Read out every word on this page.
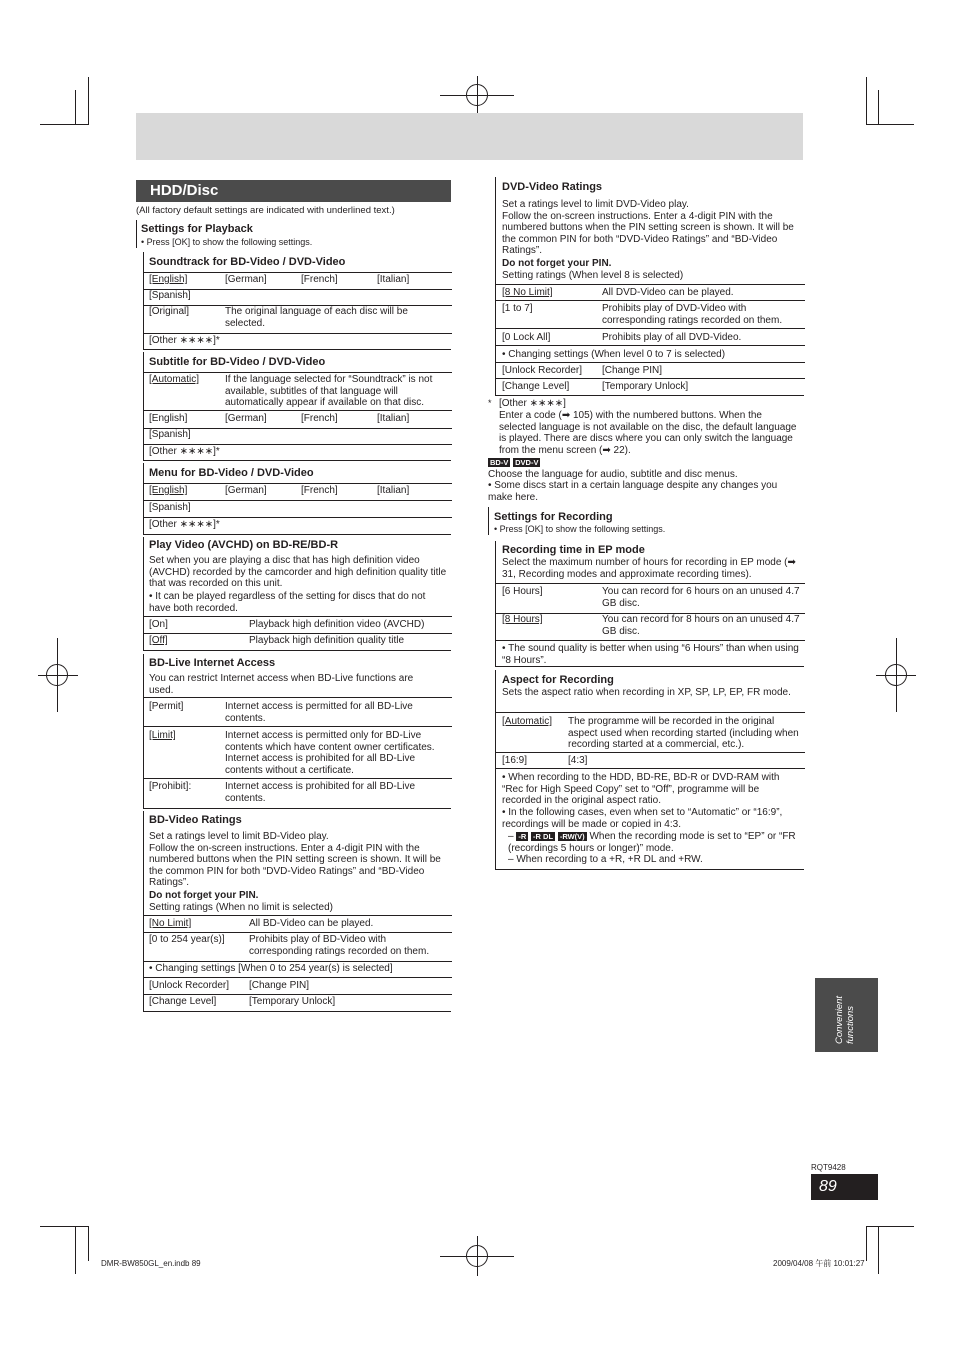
HDD/Disc
(All factory default settings are indicated with underlined text.)
Settings for Playback
• Press [OK] to show the following settings.
Soundtrack for BD-Video / DVD-Video
[English]	[German]	[French]	[Italian]
[Spanish]
[Original]	The original language of each disc will be selected.
[Other ∗∗∗∗]*
Subtitle for BD-Video / DVD-Video
[Automatic]	If the language selected for “Soundtrack” is not available, subtitles of that language will automatically appear if available on that disc.
[English]	[German]	[French]	[Italian]
[Spanish]
[Other ∗∗∗∗]*
Menu for BD-Video / DVD-Video
[English]	[German]	[French]	[Italian]
[Spanish]
[Other ∗∗∗∗]*
Play Video (AVCHD) on BD-RE/BD-R
Set when you are playing a disc that has high definition video (AVCHD) recorded by the camcorder and high definition quality title that was recorded on this unit.
• It can be played regardless of the setting for discs that do not have both recorded.
[On]	Playback high definition video (AVCHD)
[Off]	Playback high definition quality title
BD-Live Internet Access
You can restrict Internet access when BD-Live functions are used.
[Permit]	Internet access is permitted for all BD-Live contents.
[Limit]	Internet access is permitted only for BD-Live contents which have content owner certificates. Internet access is prohibited for all BD-Live contents without a certificate.
[Prohibit]:	Internet access is prohibited for all BD-Live contents.
BD-Video Ratings
Set a ratings level to limit BD-Video play.
Follow the on-screen instructions. Enter a 4-digit PIN with the numbered buttons when the PIN setting screen is shown. It will be the common PIN for both “DVD-Video Ratings” and “BD-Video Ratings”.
Do not forget your PIN.
Setting ratings (When no limit is selected)
[No Limit]	All BD-Video can be played.
[0 to 254 year(s)] Prohibits play of BD-Video with corresponding ratings recorded on them.
• Changing settings [When 0 to 254 year(s) is selected]
[Unlock Recorder] [Change PIN]
[Change Level]	[Temporary Unlock]
DVD-Video Ratings
Set a ratings level to limit DVD-Video play.
Follow the on-screen instructions. Enter a 4-digit PIN with the numbered buttons when the PIN setting screen is shown. It will be the common PIN for both “DVD-Video Ratings” and “BD-Video Ratings”.
Do not forget your PIN.
Setting ratings (When level 8 is selected)
[8 No Limit]	All DVD-Video can be played.
[1 to 7]	Prohibits play of DVD-Video with corresponding ratings recorded on them.
[0 Lock All]	Prohibits play of all DVD-Video.
• Changing settings (When level 0 to 7 is selected)
[Unlock Recorder] [Change PIN]
[Change Level]	[Temporary Unlock]
* [Other ∗∗∗∗]
Enter a code (➡ 105) with the numbered buttons. When the selected language is not available on the disc, the default language is played. There are discs where you can only switch the language from the menu screen (➡ 22).
BD-V DVD-V
Choose the language for audio, subtitle and disc menus.
• Some discs start in a certain language despite any changes you make here.
Settings for Recording
• Press [OK] to show the following settings.
Recording time in EP mode
Select the maximum number of hours for recording in EP mode (➡ 31, Recording modes and approximate recording times).
[6 Hours]	You can record for 6 hours on an unused 4.7 GB disc.
[8 Hours]	You can record for 8 hours on an unused 4.7 GB disc.
• The sound quality is better when using “6 Hours” than when using “8 Hours”.
Aspect for Recording
Sets the aspect ratio when recording in XP, SP, LP, EP, FR mode.
[Automatic] The programme will be recorded in the original aspect used when recording started (including when recording started at a commercial, etc.).
[16:9]	[4:3]
• When recording to the HDD, BD-RE, BD-R or DVD-RAM with “Rec for High Speed Copy” set to “Off”, programme will be recorded in the original aspect ratio.
• In the following cases, even when set to “Automatic” or “16:9”, recordings will be made or copied in 4:3.
– -R -R DL -RW(V) When the recording mode is set to “EP” or “FR (recordings 5 hours or longer)” mode.
– When recording to a +R, +R DL and +RW.
Convenient
functions
RQT9428
89
DMR-BW850GL_en.indb 89	2009/04/08 午前 10:01:27
